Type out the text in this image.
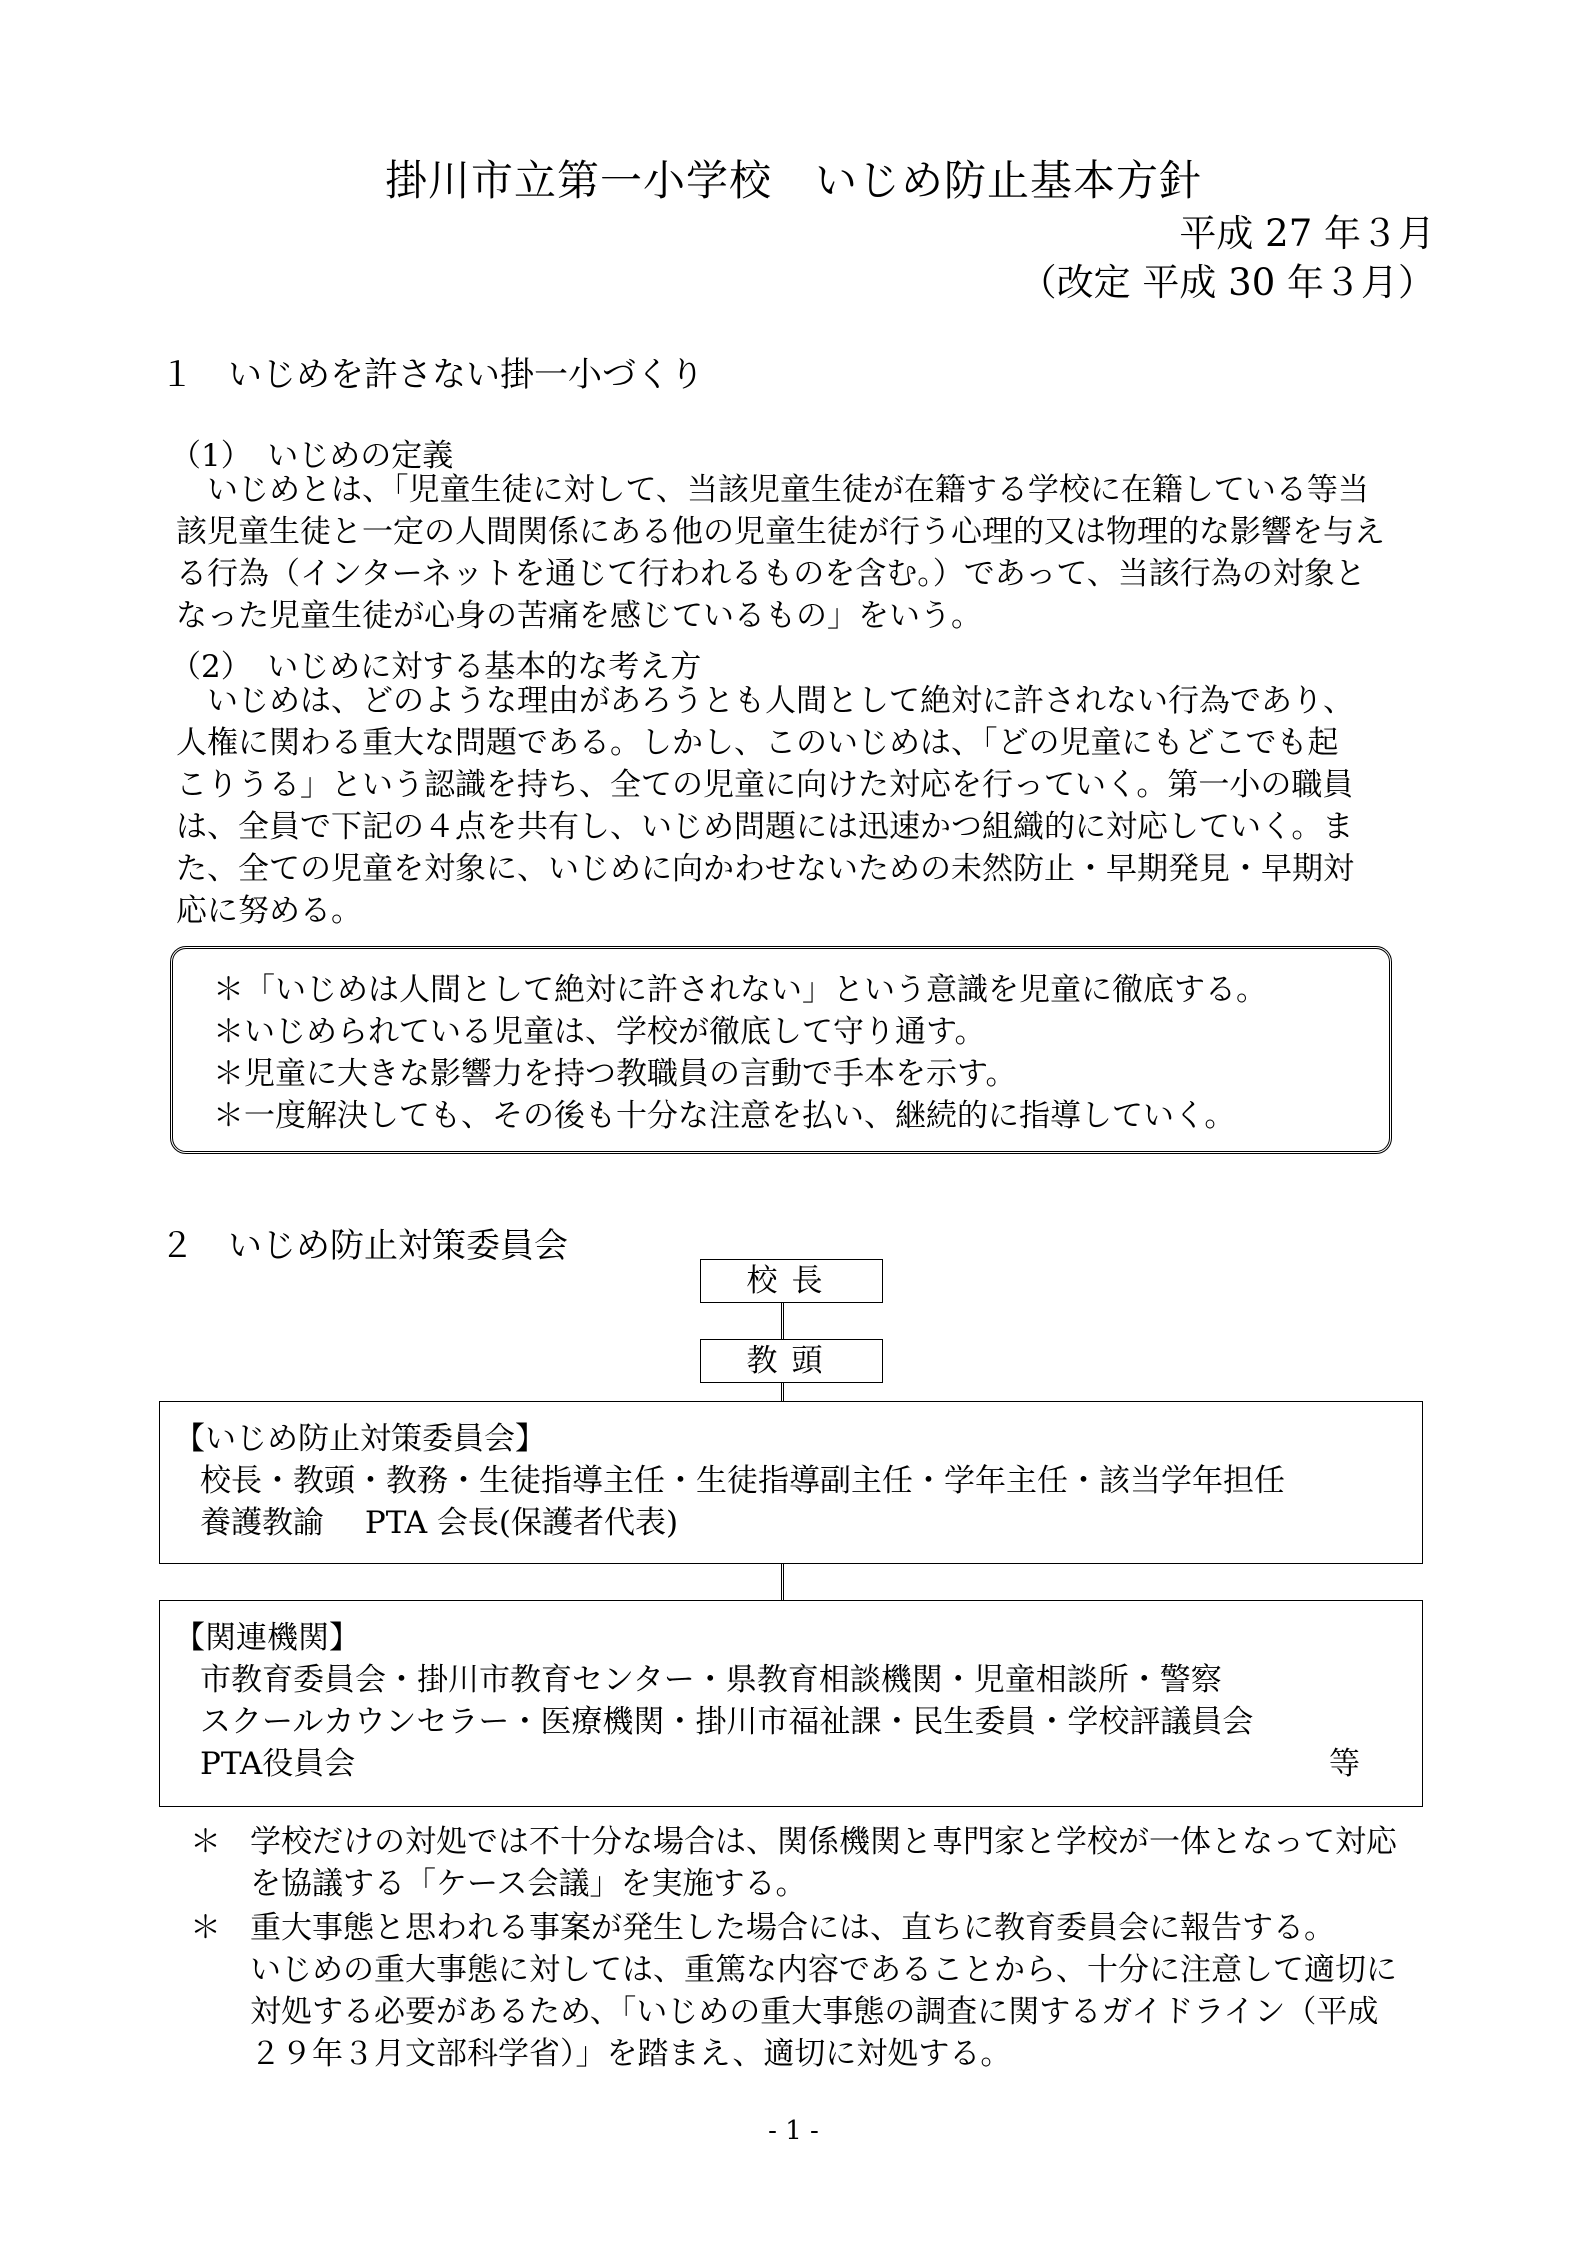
掛川市立第一小学校　いじめ防止基本方針
平成 27 年３月
（改定 平成 30 年３月）
１　いじめを許さない掛一小づくり
（1）　いじめの定義

　いじめとは、「児童生徒に対して、当該児童生徒が在籍する学校に在籍している等当

該児童生徒と一定の人間関係にある他の児童生徒が行う心理的又は物理的な影響を与え

る行為（インターネットを通じて行われるものを含む。）であって、当該行為の対象と

なった児童生徒が心身の苦痛を感じているもの」をいう。

（2）　いじめに対する基本的な考え方

　いじめは、どのような理由があろうとも人間として絶対に許されない行為であり、

人権に関わる重大な問題である。しかし、このいじめは、「どの児童にもどこでも起

こりうる」という認識を持ち、全ての児童に向けた対応を行っていく。第一小の職員

は、全員で下記の４点を共有し、いじめ問題には迅速かつ組織的に対応していく。ま

た、全ての児童を対象に、いじめに向かわせないための未然防止・早期発見・早期対

応に努める。

＊「いじめは人間として絶対に許されない」という意識を児童に徹底する。
＊いじめられている児童は、学校が徹底して守り通す。
＊児童に大きな影響力を持つ教職員の言動で手本を示す。
＊一度解決しても、その後も十分な注意を払い、継続的に指導していく。
２　いじめ防止対策委員会
校長
教頭
【いじめ防止対策委員会】
校長・教頭・教務・生徒指導主任・生徒指導副主任・学年主任・該当学年担任
養護教諭　 PTA 会長(保護者代表)
【関連機関】
市教育委員会・掛川市教育センター・県教育相談機関・児童相談所・警察
スクールカウンセラー・医療機関・掛川市福祉課・民生委員・学校評議員会
PTA役員会	等
＊ 学校だけの対処では不十分な場合は、関係機関と専門家と学校が一体となって対応
を協議する「ケース会議」を実施する。
＊ 重大事態と思われる事案が発生した場合には、直ちに教育委員会に報告する。
いじめの重大事態に対しては、重篤な内容であることから、十分に注意して適切に
対処する必要があるため、「いじめの重大事態の調査に関するガイドライン（平成
２９年３月文部科学省）」を踏まえ、適切に対処する。
- 1 -
